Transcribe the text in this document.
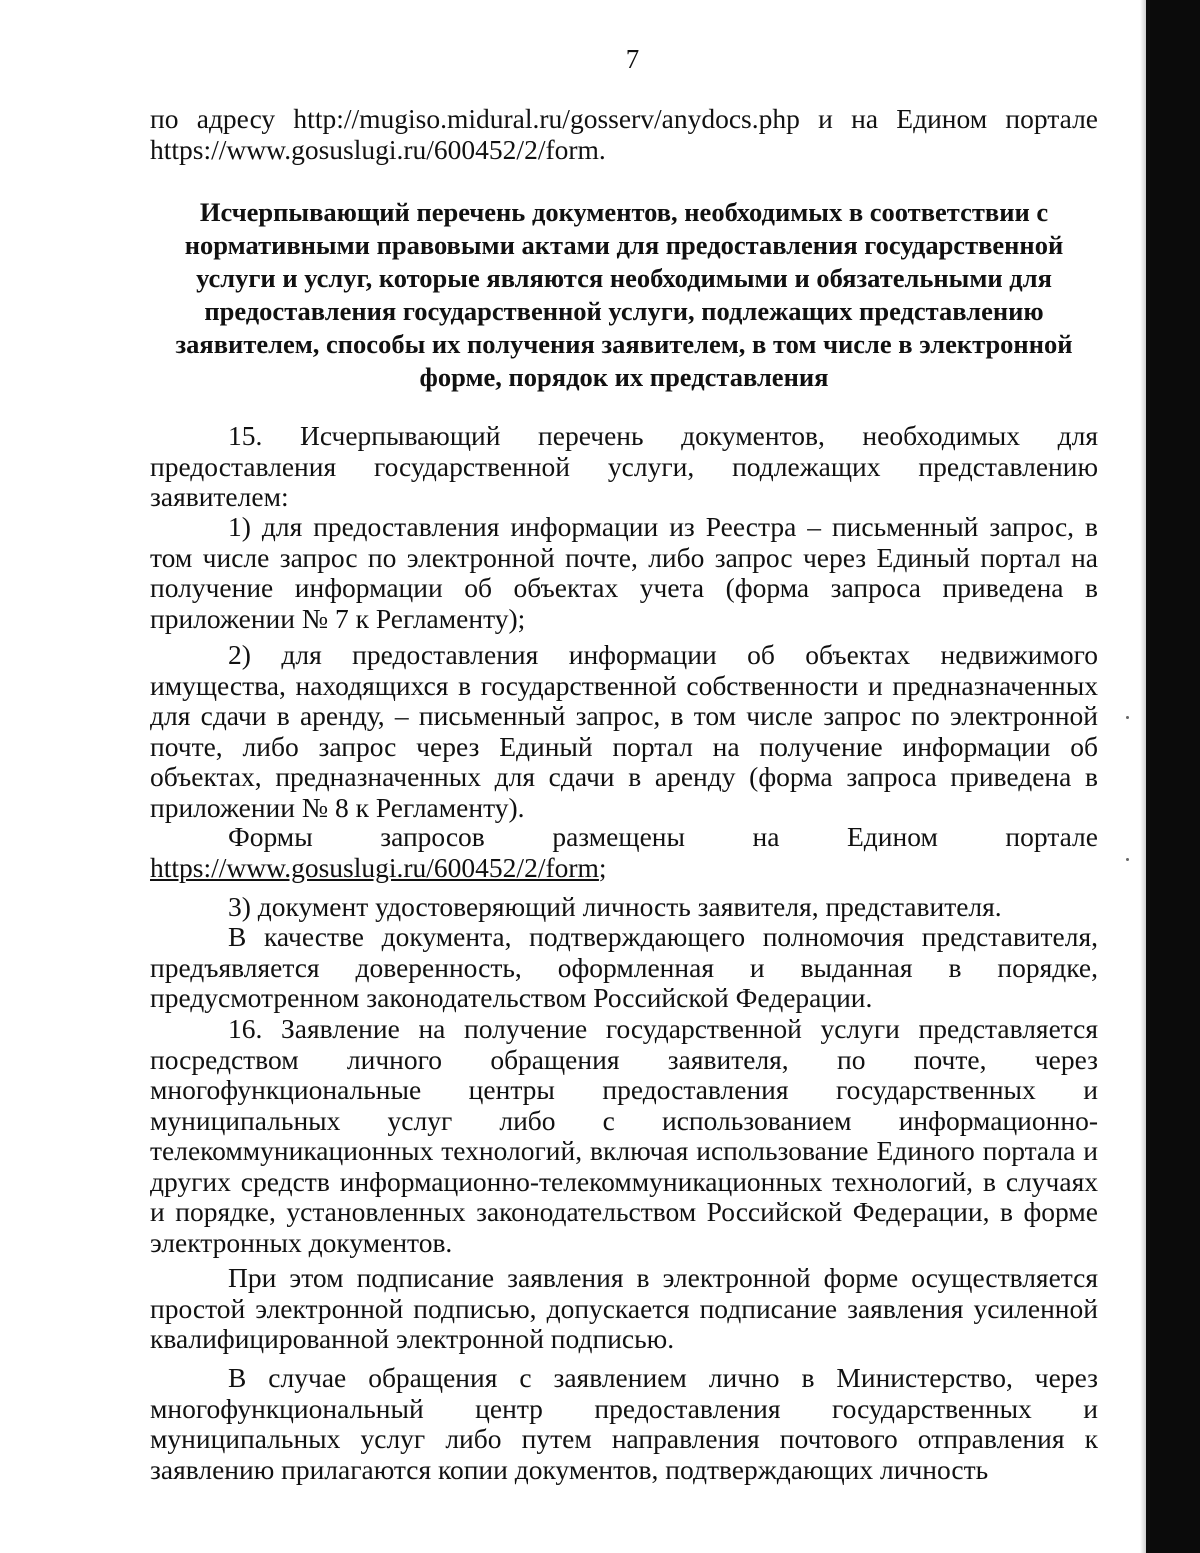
7

по адресу http://mugiso.midural.ru/gosserv/anydocs.php и на Едином портале https://www.gosuslugi.ru/600452/2/form.

Исчерпывающий перечень документов, необходимых в соответствии с нормативными правовыми актами для предоставления государственной услуги и услуг, которые являются необходимыми и обязательными для предоставления государственной услуги, подлежащих представлению заявителем, способы их получения заявителем, в том числе в электронной форме, порядок их представления

15. Исчерпывающий перечень документов, необходимых для предоставления государственной услуги, подлежащих представлению заявителем:

1) для предоставления информации из Реестра – письменный запрос, в том числе запрос по электронной почте, либо запрос через Единый портал на получение информации об объектах учета (форма запроса приведена в приложении № 7 к Регламенту);

2) для предоставления информации об объектах недвижимого имущества, находящихся в государственной собственности и предназначенных для сдачи в аренду, – письменный запрос, в том числе запрос по электронной почте, либо запрос через Единый портал на получение информации об объектах, предназначенных для сдачи в аренду (форма запроса приведена в приложении № 8 к Регламенту).

Формы запросов размещены на Едином портале

https://www.gosuslugi.ru/600452/2/form;

3) документ удостоверяющий личность заявителя, представителя.

В качестве документа, подтверждающего полномочия представителя, предъявляется доверенность, оформленная и выданная в порядке, предусмотренном законодательством Российской Федерации.

16. Заявление на получение государственной услуги представляется посредством личного обращения заявителя, по почте, через многофункциональные центры предоставления государственных и муниципальных услуг либо с использованием информационно-телекоммуникационных технологий, включая использование Единого портала и других средств информационно-телекоммуникационных технологий, в случаях и порядке, установленных законодательством Российской Федерации, в форме электронных документов.

При этом подписание заявления в электронной форме осуществляется простой электронной подписью, допускается подписание заявления усиленной квалифицированной электронной подписью.

В случае обращения с заявлением лично в Министерство, через многофункциональный центр предоставления государственных и муниципальных услуг либо путем направления почтового отправления к заявлению прилагаются копии документов, подтверждающих личность
